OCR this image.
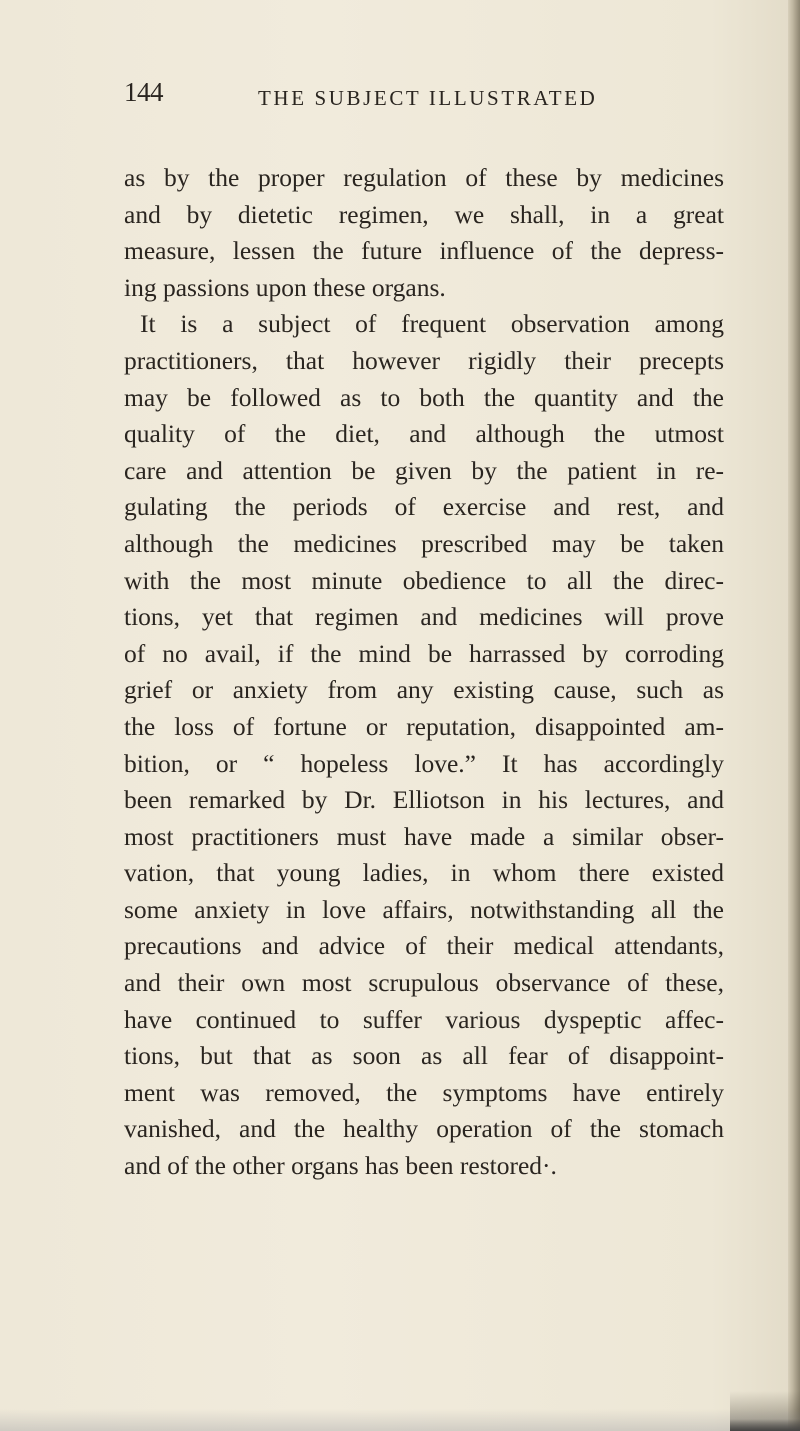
144	THE SUBJECT ILLUSTRATED
as by the proper regulation of these by medicines
and by dietetic regimen, we shall, in a great
measure, lessen the future influence of the depress-
ing passions upon these organs.
It is a subject of frequent observation among
practitioners, that however rigidly their precepts
may be followed as to both the quantity and the
quality of the diet, and although the utmost
care and attention be given by the patient in re-
gulating the periods of exercise and rest, and
although the medicines prescribed may be taken
with the most minute obedience to all the direc-
tions, yet that regimen and medicines will prove
of no avail, if the mind be harrassed by corroding
grief or anxiety from any existing cause, such as
the loss of fortune or reputation, disappointed am-
bition, or “ hopeless love.” It has accordingly
been remarked by Dr. Elliotson in his lectures, and
most practitioners must have made a similar obser-
vation, that young ladies, in whom there existed
some anxiety in love affairs, notwithstanding all the
precautions and advice of their medical attendants,
and their own most scrupulous observance of these,
have continued to suffer various dyspeptic affec-
tions, but that as soon as all fear of disappoint-
ment was removed, the symptoms have entirely
vanished, and the healthy operation of the stomach
and of the other organs has been restored·.
